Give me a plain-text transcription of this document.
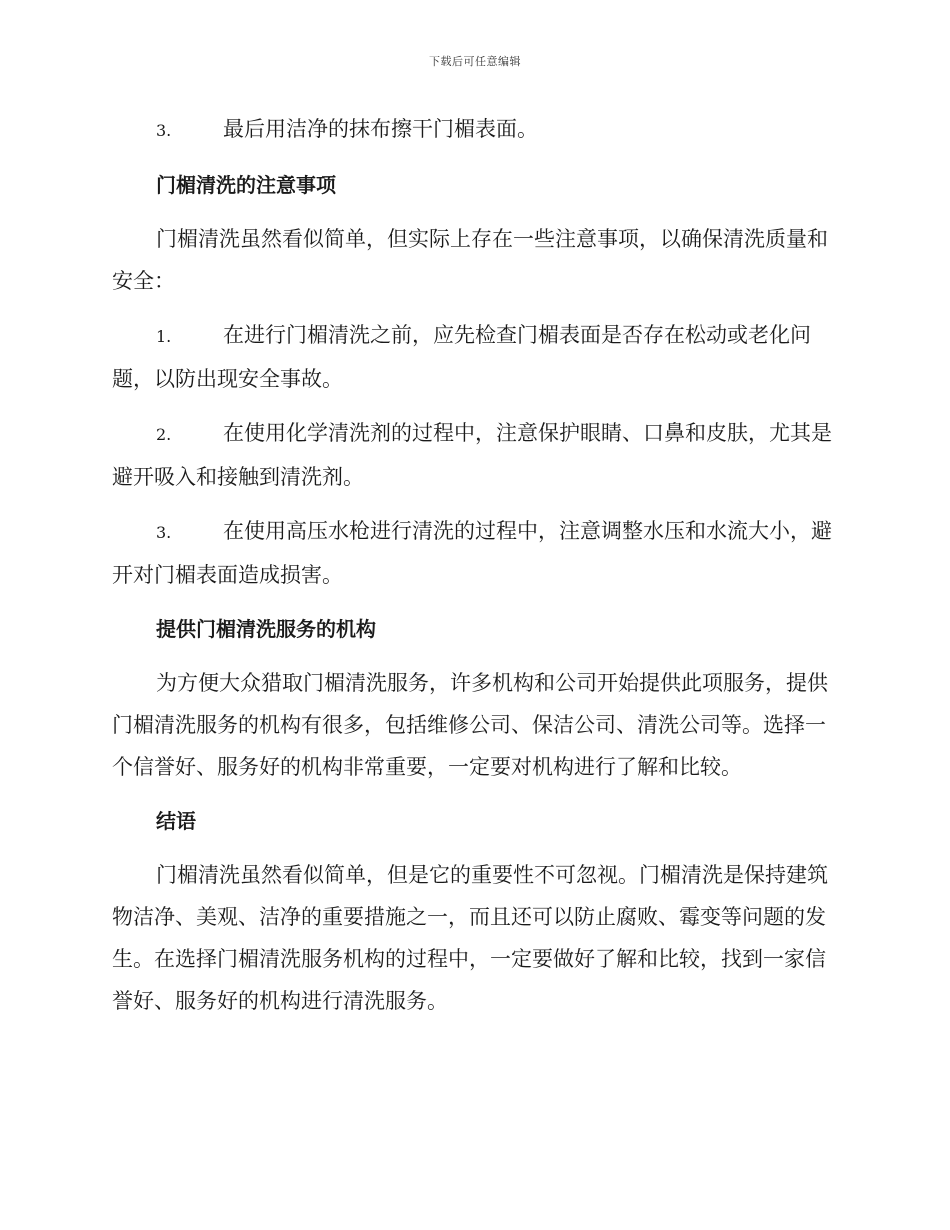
下载后可任意编辑

3. 最后用洁净的抹布擦干门楣表面。

门楣清洗的注意事项

门楣清洗虽然看似简单，但实际上存在一些注意事项，以确保清洗质量和安全：

1. 在进行门楣清洗之前，应先检查门楣表面是否存在松动或老化问题，以防出现安全事故。

2. 在使用化学清洗剂的过程中，注意保护眼睛、口鼻和皮肤，尤其是避开吸入和接触到清洗剂。

3. 在使用高压水枪进行清洗的过程中，注意调整水压和水流大小，避开对门楣表面造成损害。

提供门楣清洗服务的机构

为方便大众猎取门楣清洗服务，许多机构和公司开始提供此项服务，提供门楣清洗服务的机构有很多，包括维修公司、保洁公司、清洗公司等。选择一个信誉好、服务好的机构非常重要，一定要对机构进行了解和比较。

结语

门楣清洗虽然看似简单，但是它的重要性不可忽视。门楣清洗是保持建筑物洁净、美观、洁净的重要措施之一，而且还可以防止腐败、霉变等问题的发生。在选择门楣清洗服务机构的过程中，一定要做好了解和比较，找到一家信誉好、服务好的机构进行清洗服务。
